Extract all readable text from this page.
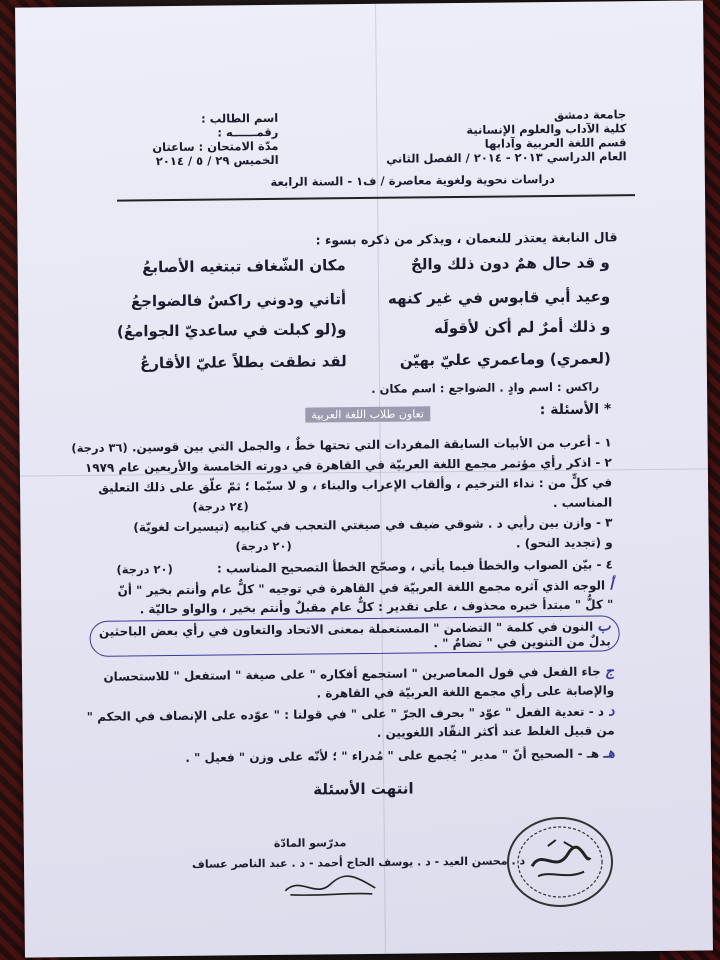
جامعة دمشق
كلية الآداب والعلوم الإنسانية
قسم اللغة العربية وآدابها
العام الدراسي ٢٠١٣ - ٢٠١٤ / الفصل الثاني
اسم الطالب :
رقمــــــه :
مدّة الامتحان : ساعتان
الخميس ٢٩ / ٥ / ٢٠١٤
دراسات نحوية ولغوية معاصرة / ف١ - السنة الرابعة
قال النابغة يعتذر للنعمان ، ويذكر من ذكره بسوء :
و قد حال همٌ دون ذلك والجٌ
مكان الشّغاف تبتغيه الأصابعُ
وعيد أبي قابوس في غير كنهه
أتاني ودوني راكسٌ فالضواجعُ
و ذلك أمرٌ لم أكن لأقولَه
و(لو كبلت في ساعديّ الجوامعُ)
(لعمري) وماعمري عليّ بهيّن
لقد نطقت بطلاً عليّ الأقارعُ
راكس : اسم وادٍ . الضواجع : اسم مكان .
* الأسئلة :
تعاون طلاب اللغة العربية
١ - أعرب من الأبيات السابقة المفردات التي تحتها خطٌ ، والجمل التي بين قوسين. (٣٦ درجة)
٢ - اذكر رأي مؤتمر مجمع اللغة العربيّة في القاهرة في دورته الخامسة والأربعين عام ١٩٧٩
في كلٍّ من : نداء الترخيم ، وألقاب الإعراب والبناء ، و لا سيّما ؛ ثمّ علّق على ذلك التعليق
المناسب . (٢٤ درجة)
٣ - وازن بين رأيي د . شوقي ضيف في صيغتي التعجب في كتابيه (تيسيرات لغويّة)
و (تجديد النحو) . (٢٠ درجة)
٤ - بيّن الصواب والخطأ فيما يأتي ، وصحّح الخطأ التصحيح المناسب : (٢٠ درجة)
أ الوجه الذي آثره مجمع اللغة العربيّة في القاهرة في توجيه " كلٌّ عام وأنتم بخير " أنّ
" كلٌّ " مبتدأ خبره محذوف ، على تقدير : كلٌّ عام مقبلٌ وأنتم بخير ، والواو حاليّة .
ب النون في كلمة " التضامن " المستعملة بمعنى الاتحاد والتعاون في رأي بعض الباحثين
بدلٌ من التنوين في " تضامٌ " .
ج جاء الفعل في قول المعاصرين " استجمع أفكاره " على صيغة " استفعل " للاستحسان
والإصابة على رأي مجمع اللغة العربيّة في القاهرة .
د د - تعدية الفعل " عوّد " بحرف الجرّ " على " في قولنا : " عوّده على الإنصاف في الحكم "
من قبيل الغلط عند أكثر النقّاد اللغويين .
هـ هـ - الصحيح أنّ " مدير " يُجمع على " مُدراء " ؛ لأنّه على وزن " فعيل " .
انتهت الأسئلة
مدرّسو المادّة
د . محسن العيد - د . يوسف الحاج أحمد - د . عبد الناصر عساف
